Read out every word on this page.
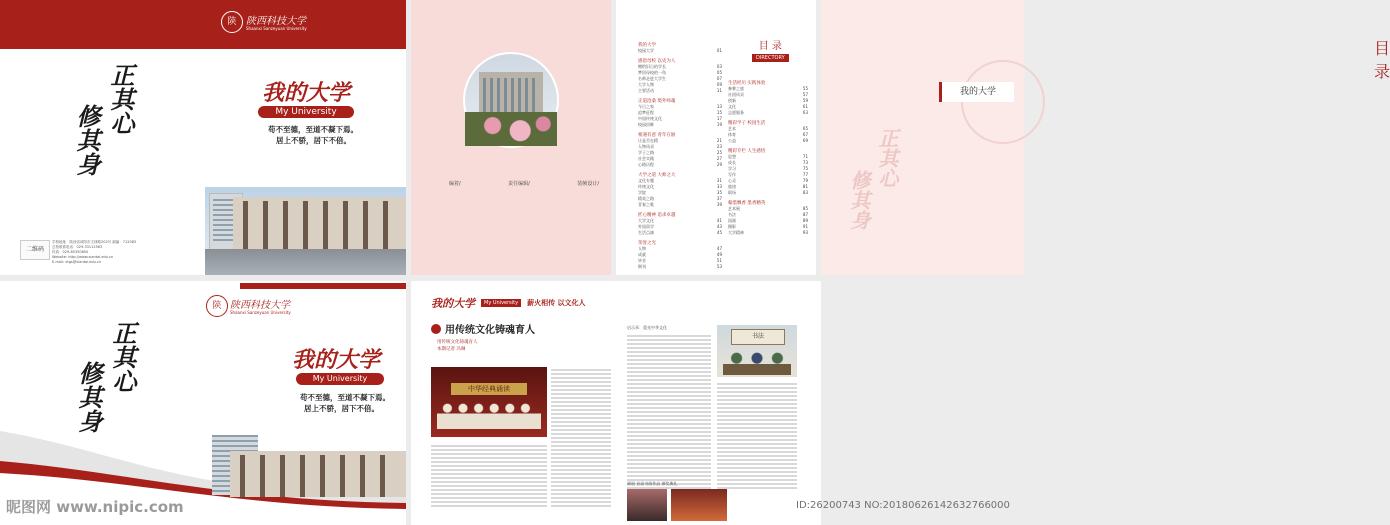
陕 陕西科技大学
Shaanxi Sanzeyuan University
正其心
修其身
我的大学
My University
苟不至德，至道不凝下焉。
居上不骄，居下不倍。
二维码
学校地址：陕西省咸阳市文林路202号 邮编：712083
总校联系电话：029-33112563
传真：029-85350850
Website: http://www.xiantai.edu.cn
E-mail: xtgs@xiantai.edu.cn
编着/	责任编辑/	装帧设计/
目 录
目 录
DIRECTORY
我的大学
校园大学	01
感恩母校 以史为人
赠给旧日的学长	03
梦回母校的一角	05
名师走进大学生	07
大学人物	09
主要活动	11
正道沧桑 境外师魂
今日之家	13
追梦征程	15
中国传统文化	17
校园回眸	19
相遇有意 青年在励
让是否在精	21
人物风采	23
学子之路	25
社会实践	27
心路历程	29
大学之道 大师之大
文化专题	31
传统文化	33
学院	35
精英之路	37
青春之歌	39
匠心精神 追求卓越
大学文化	41
外国留学	43
生活点滴	45
荣誉之光
人物	47
成就	49
毕业	51
期刊	53
生活经历 实践体验
参赛之旅	55
社团风采	57
创新	59
文化	61
志愿服务	63
精彩学子 校园生活
艺术	65
体育	67
公益	69
精彩专栏 人生感悟
思想	71
成长	73
学习	75
写作	77
心灵	79
旅途	81
职场	83
翰墨飘香 墨香精英
艺术展	85
书法	87
国画	89
摄影	91
大学精神	93
我的大学
正其心
修其身
陕 陕西科技大学
Shaanxi Sanzeyuan University
正其心
修其身
我的大学
My University
苟不至德，至道不凝下焉。
居上不骄，居下不倍。
我的大学	My University	薪火相传 以文化人
用传统文化铸魂育人
用传统文化铸魂育人
本期记者 冯琳
中华经典诵读
启示录：重光中华文化
书法
画展 首届书画作品 颁奖典礼
昵图网 www.nipic.com	ID:26200743 NO:20180626142632766000
